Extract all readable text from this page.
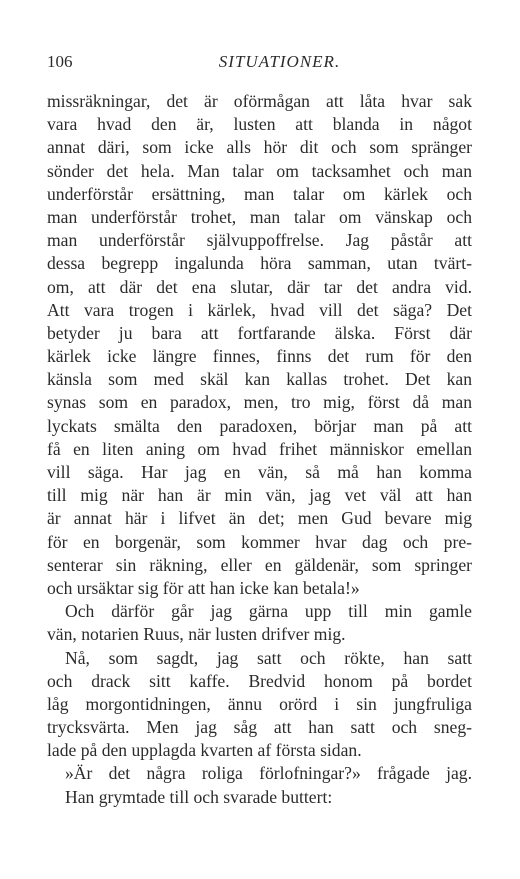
106	SITUATIONER.
missräkningar, det är oförmågan att låta hvar sak
vara hvad den är, lusten att blanda in något
annat däri, som icke alls hör dit och som spränger
sönder det hela. Man talar om tacksamhet och man
underförstår ersättning, man talar om kärlek och
man underförstår trohet, man talar om vänskap och
man underförstår självuppoffrelse. Jag påstår att
dessa begrepp ingalunda höra samman, utan tvärt-
om, att där det ena slutar, där tar det andra vid.
Att vara trogen i kärlek, hvad vill det säga? Det
betyder ju bara att fortfarande älska. Först där
kärlek icke längre finnes, finns det rum för den
känsla som med skäl kan kallas trohet. Det kan
synas som en paradox, men, tro mig, först då man
lyckats smälta den paradoxen, börjar man på att
få en liten aning om hvad frihet människor emellan
vill säga. Har jag en vän, så må han komma
till mig när han är min vän, jag vet väl att han
är annat här i lifvet än det; men Gud bevare mig
för en borgenär, som kommer hvar dag och pre-
senterar sin räkning, eller en gäldenär, som springer
och ursäktar sig för att han icke kan betala!»
Och därför går jag gärna upp till min gamle
vän, notarien Ruus, när lusten drifver mig.
Nå, som sagdt, jag satt och rökte, han satt
och drack sitt kaffe. Bredvid honom på bordet
låg morgontidningen, ännu orörd i sin jungfruliga
trycksvärta. Men jag såg att han satt och sneg-
lade på den upplagda kvarten af första sidan.
»Är det några roliga förlofningar?» frågade jag.
Han grymtade till och svarade buttert:
